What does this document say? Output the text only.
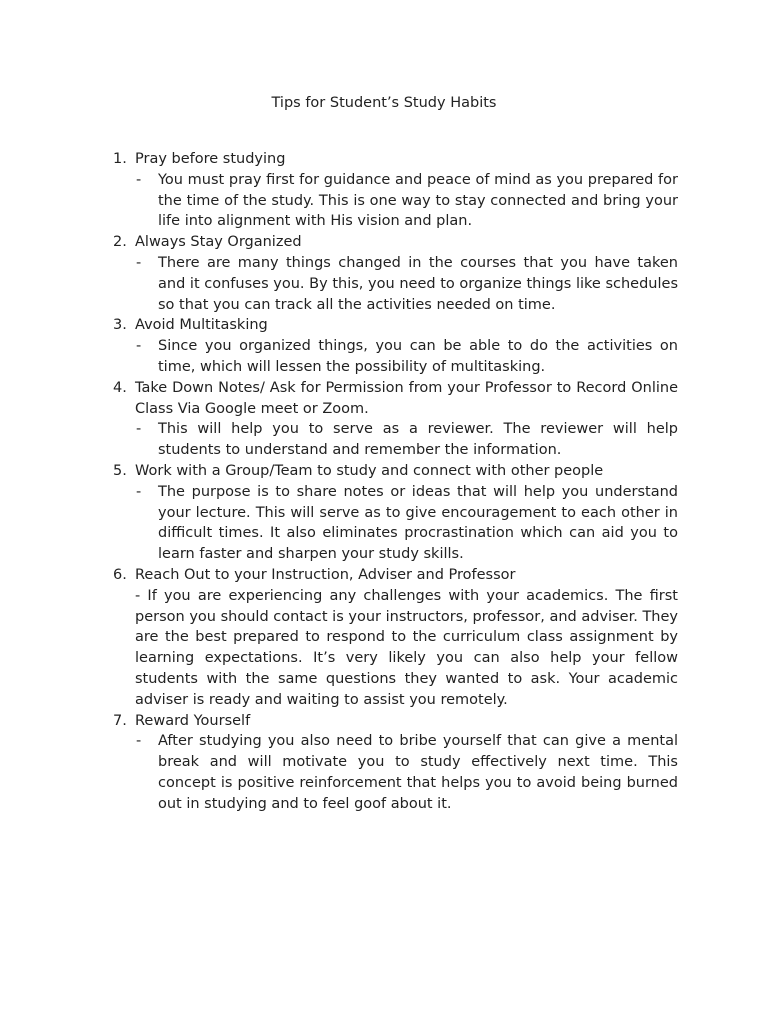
Tips for Student’s Study Habits
1. Pray before studying
-	You must pray first for guidance and peace of mind as you prepared for the time of the study. This is one way to stay connected and bring your life into alignment with His vision and plan.
2. Always Stay Organized
-	There are many things changed in the courses that you have taken and it confuses you. By this, you need to organize things like schedules so that you can track all the activities needed on time.
3. Avoid Multitasking
-	Since you organized things, you can be able to do the activities on time, which will lessen the possibility of multitasking.
4. Take Down Notes/ Ask for Permission from your Professor to Record Online Class Via Google meet or Zoom.
-	This will help you to serve as a reviewer. The reviewer will help students to understand and remember the information.
5. Work with a Group/Team to study and connect with other people
-	The purpose is to share notes or ideas that will help you understand your lecture. This will serve as to give encouragement to each other in difficult times. It also eliminates procrastination which can aid you to learn faster and sharpen your study skills.
6. Reach Out to your Instruction, Adviser and Professor
- If you are experiencing any challenges with your academics. The first person you should contact is your instructors, professor, and adviser. They are the best prepared to respond to the curriculum class assignment by learning expectations. It’s very likely you can also help your fellow students with the same questions they wanted to ask. Your academic adviser is ready and waiting to assist you remotely.
7. Reward Yourself
-	After studying you also need to bribe yourself that can give a mental break and will motivate you to study effectively next time. This concept is positive reinforcement that helps you to avoid being burned out in studying and to feel goof about it.
